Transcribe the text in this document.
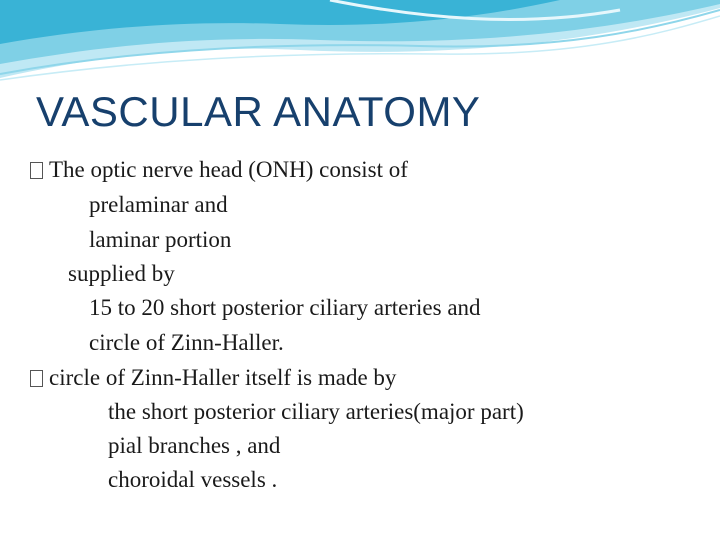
VASCULAR ANATOMY
The optic nerve head (ONH) consist of
prelaminar and
laminar portion
supplied by
15 to 20 short posterior ciliary arteries and
circle of Zinn-Haller.
circle of Zinn-Haller itself is made by
the short posterior ciliary arteries(major part)
pial branches , and
choroidal vessels .
